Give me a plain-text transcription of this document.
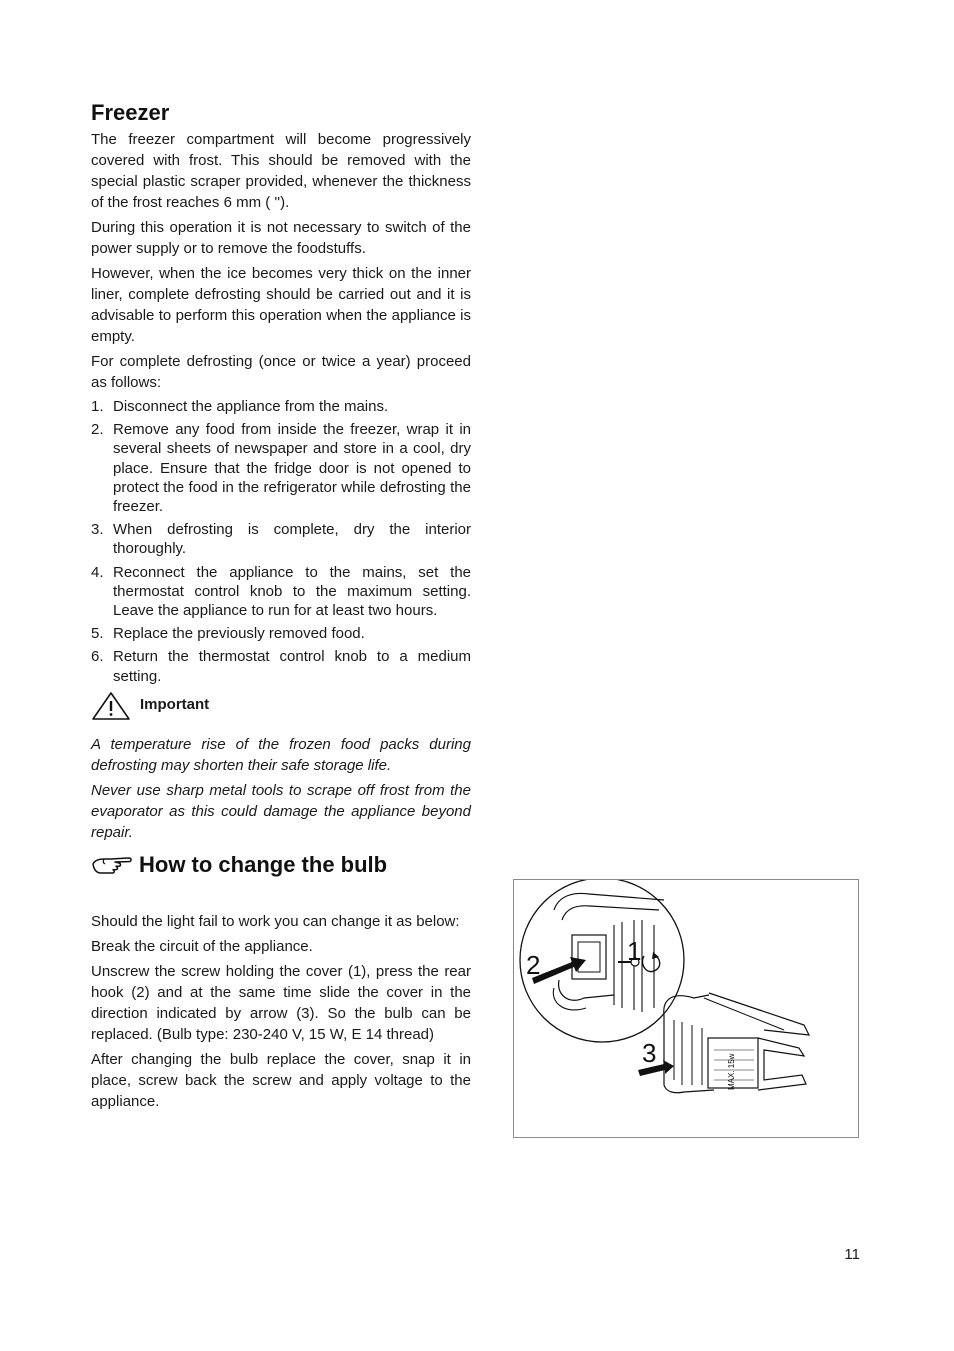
Freezer

The freezer compartment will become progressively covered with frost. This should be removed with the special plastic scraper provided, whenever the thickness of the frost reaches 6 mm ( '').

During this operation it is not necessary to switch of the power supply or to remove the foodstuffs.

However, when the ice becomes very thick on the inner liner, complete defrosting should be carried out and it is advisable to perform this operation when the appliance is empty.

For complete defrosting (once or twice a year) proceed as follows:

1. Disconnect the appliance from the mains.
2. Remove any food from inside the freezer, wrap it in several sheets of newspaper and store in a cool, dry place. Ensure that the fridge door is not opened to protect the food in the refrigerator while defrosting the freezer.
3. When defrosting is complete, dry the interior thoroughly.
4. Reconnect the appliance to the mains, set the thermostat control knob to the maximum setting. Leave the appliance to run for at least two hours.
5. Replace the previously removed food.
6. Return the thermostat control knob to a medium setting.
Important

A temperature rise of the frozen food packs during defrosting may shorten their safe storage life.

Never use sharp metal tools to scrape off frost from the evaporator as this could damage the appliance beyond repair.

How to change the bulb

Should the light fail to work you can change it as below:

Break the circuit of the appliance.

Unscrew the screw holding the cover (1), press the rear hook (2) and at the same time slide the cover in the direction indicated by arrow (3). So the bulb can be replaced. (Bulb type: 230-240 V, 15 W, E 14 thread)

After changing the bulb replace the cover, snap it in place, screw back the screw and apply voltage to the appliance.

1
2
MAX. 15w
3
11
